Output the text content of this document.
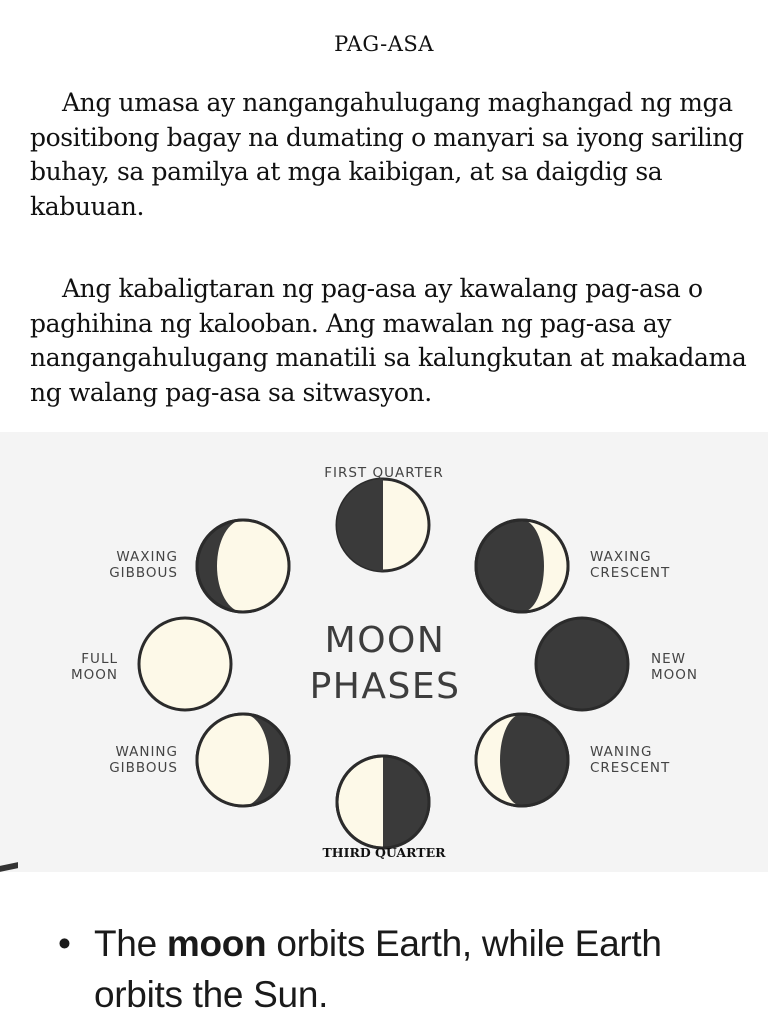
PAG-ASA

Ang umasa ay nangangahulugang maghangad ng mga positibong bagay na dumating o manyari sa iyong sariling buhay, sa pamilya at mga kaibigan, at sa daigdig sa kabuuan.

Ang kabaligtaran ng pag-asa ay kawalang pag-asa o paghihina ng kalooban. Ang mawalan ng pag-asa ay nangangahulugang manatili sa kalungkutan at makadama ng walang pag-asa sa sitwasyon.

FIRST QUARTER
WAXING
CRESCENT
NEW
MOON
WANING
CRESCENT
WANING
GIBBOUS
FULL
MOON
WAXING
GIBBOUS
MOON
PHASES
THIRD QUARTER

• The moon orbits Earth, while Earth
orbits the Sun.
